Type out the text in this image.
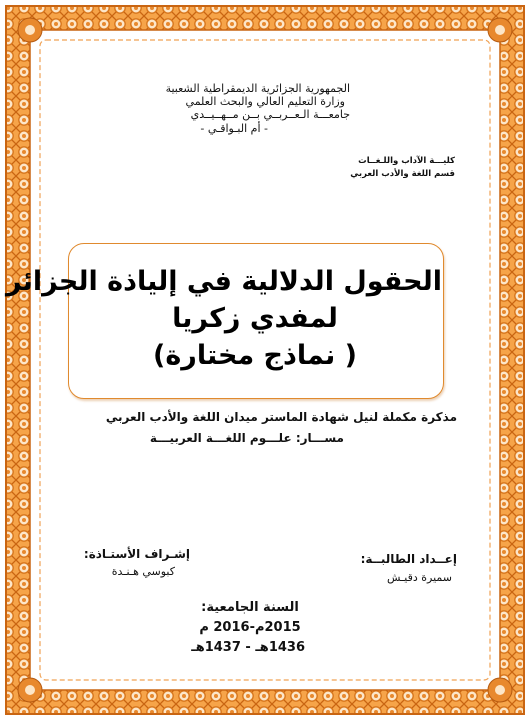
الجمهورية الجزائرية الديمقراطية الشعبية
وزارة التعليم العالي والبحث العلمي
جامعـــة الـعــربــي بــن مــهــيــدي
- أم البـواقـي -
كليـــة الآداب واللـغــات
قسم اللغة والأدب العربي
الحقول الدلالية في إلياذة الجزائر
لمفدي زكريا
( نماذج مختارة)
مذكرة مكملة لنيل شهادة الماستر ميدان اللغة والأدب العربي
مســـار: علـــوم اللغـــة العربيـــة
إعــداد الطالبــة:
سميرة دقيـش
إشـراف الأستـاذة:
كبوسي هـنـدة
السنة الجامعية:
2015م-2016 م
1436هـ - 1437هـ
